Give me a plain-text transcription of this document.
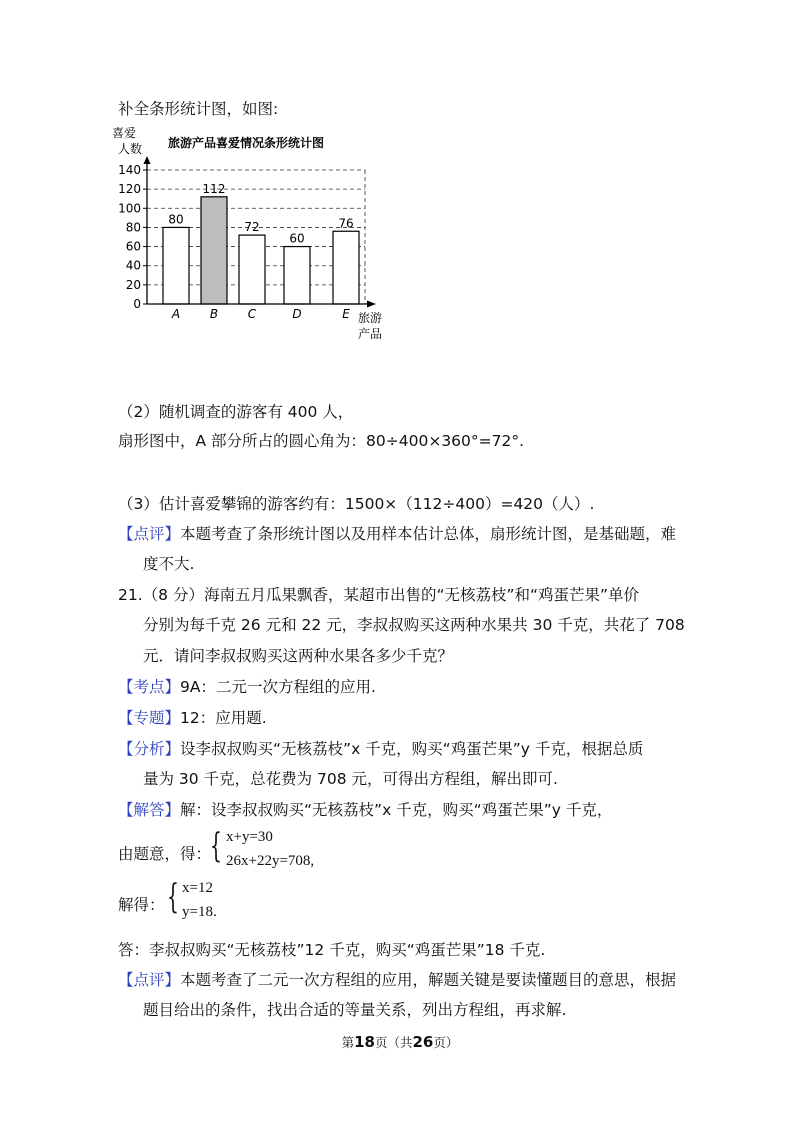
补全条形统计图，如图:
旅游产品喜爱情况条形统计图
喜爱
人数
旅游
产品
0
20
40
60
80
100
120
140
80
112
72
60
76
A B C	D	E
（2）随机调查的游客有 400 人，
扇形图中，A 部分所占的圆心角为：80÷400×360°=72°.
（3）估计喜爱攀锦的游客约有：1500×（112÷400）=420（人）.
【点评】本题考查了条形统计图以及用样本估计总体，扇形统计图，是基础题，难
度不大.
21.（8 分）海南五月瓜果飘香，某超市出售的“无核荔枝”和“鸡蛋芒果”单价
分别为每千克 26 元和 22 元，李叔叔购买这两种水果共 30 千克，共花了 708
元．请问李叔叔购买这两种水果各多少千克？
【考点】9A：二元一次方程组的应用.
【专题】12：应用题.
【分析】设李叔叔购买“无核荔枝”x 千克，购买“鸡蛋芒果”y 千克，根据总质
量为 30 千克，总花费为 708 元，可得出方程组，解出即可.
【解答】解：设李叔叔购买“无核荔枝”x 千克，购买“鸡蛋芒果”y 千克，
由题意，得：
{ x+y=30
26x+22y=708,
解得： { x=12
y=18.
答：李叔叔购买“无核荔枝”12 千克，购买“鸡蛋芒果”18 千克.
【点评】本题考查了二元一次方程组的应用，解题关键是要读懂题目的意思，根据
题目给出的条件，找出合适的等量关系，列出方程组，再求解.
第18页（共26页）
